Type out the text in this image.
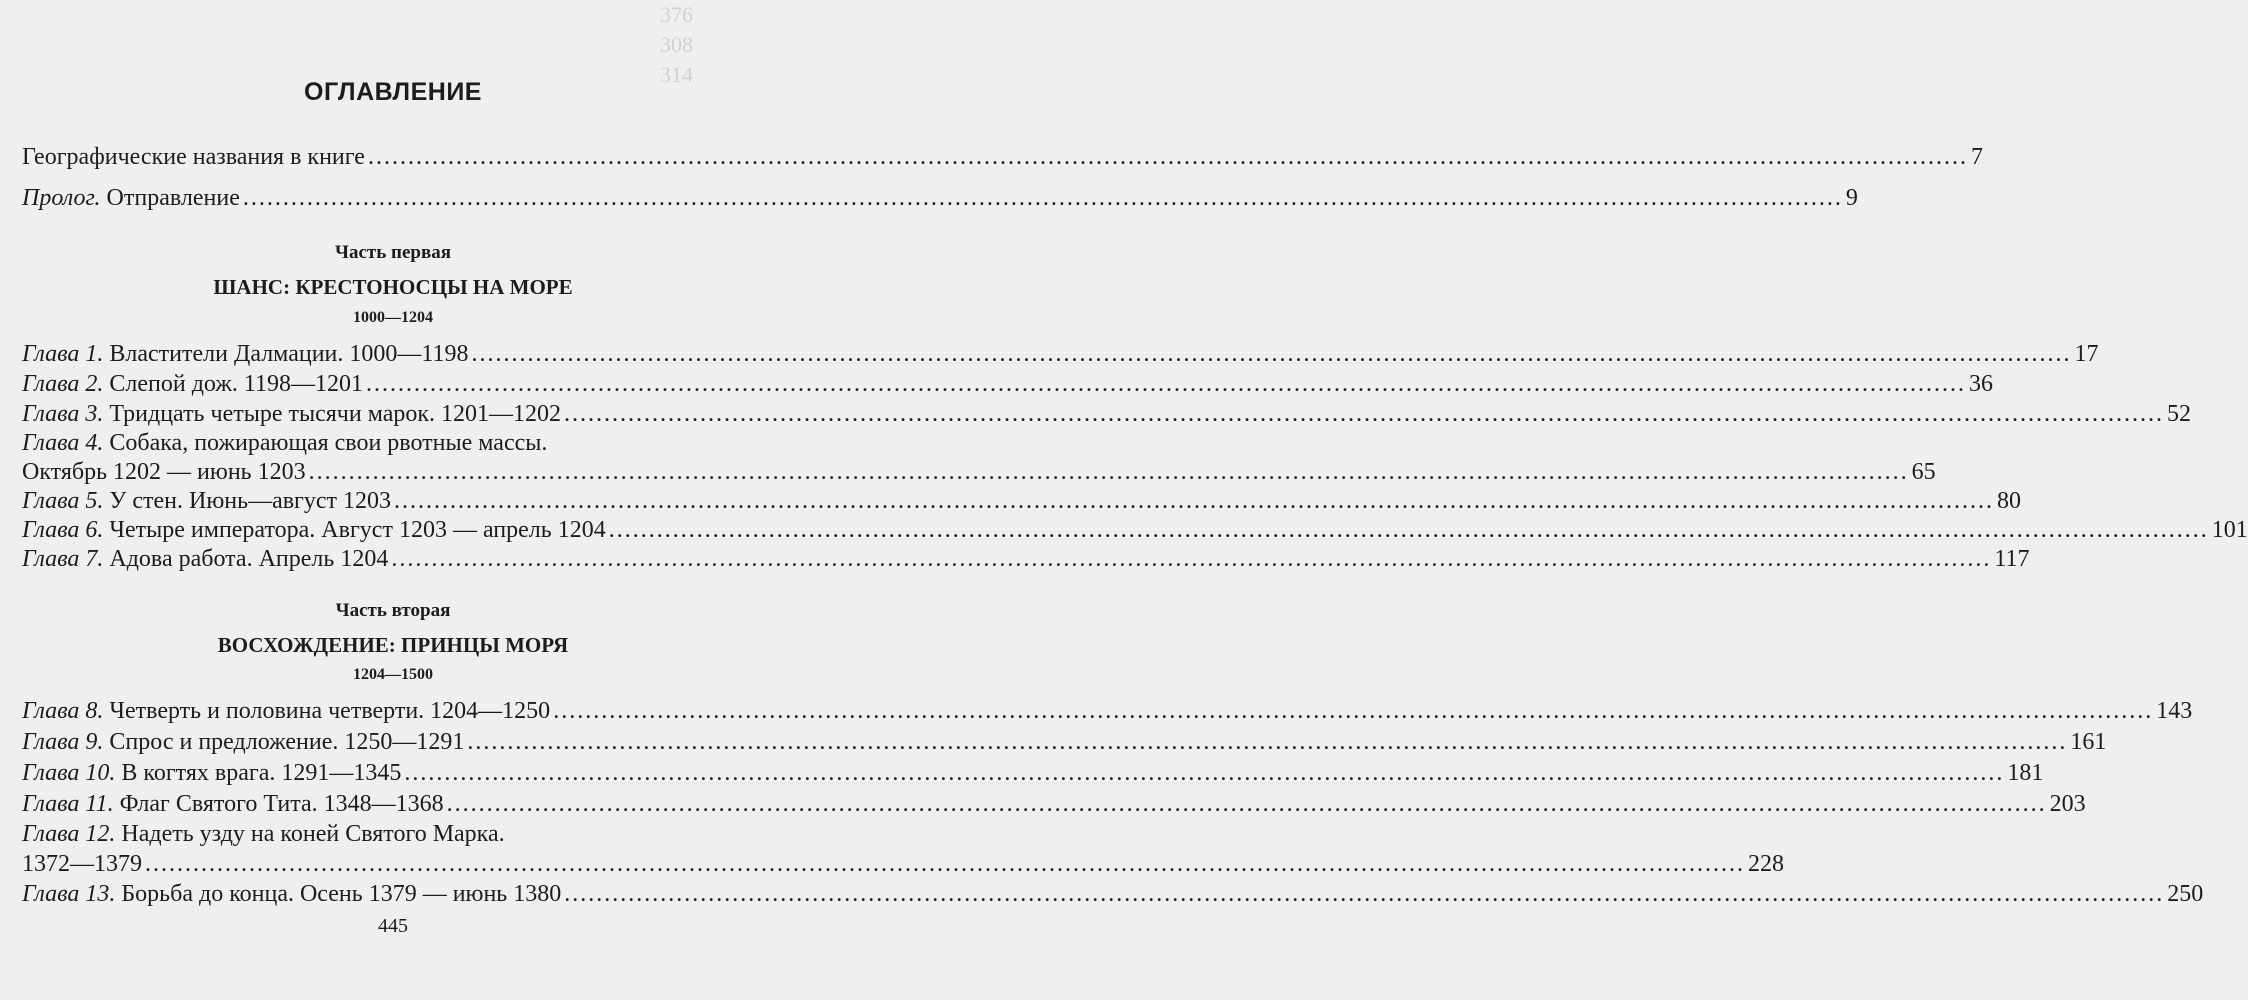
376
308
314
ОГЛАВЛЕНИЕ
Географические названия в книге ........................................................................................................................................................................................................ 7
Пролог. Отправление ........................................................................................................................................................................................................ 9
Часть первая
ШАНС: КРЕСТОНОСЦЫ НА МОРЕ
1000—1204
Глава 1. Властители Далмации. 1000—1198 ........................................................................................................................................................................................................ 17
Глава 2. Слепой дож. 1198—1201 ........................................................................................................................................................................................................ 36
Глава 3. Тридцать четыре тысячи марок. 1201—1202 ........................................................................................................................................................................................................ 52
Глава 4. Собака, пожирающая свои рвотные массы.
Октябрь 1202 — июнь 1203 ........................................................................................................................................................................................................ 65
Глава 5. У стен. Июнь—август 1203 ........................................................................................................................................................................................................ 80
Глава 6. Четыре императора. Август 1203 — апрель 1204 ........................................................................................................................................................................................................ 101
Глава 7. Адова работа. Апрель 1204 ........................................................................................................................................................................................................ 117
Часть вторая
ВОСХОЖДЕНИЕ: ПРИНЦЫ МОРЯ
1204—1500
Глава 8. Четверть и половина четверти. 1204—1250 ........................................................................................................................................................................................................ 143
Глава 9. Спрос и предложение. 1250—1291 ........................................................................................................................................................................................................ 161
Глава 10. В когтях врага. 1291—1345 ........................................................................................................................................................................................................ 181
Глава 11. Флаг Святого Тита. 1348—1368 ........................................................................................................................................................................................................ 203
Глава 12. Надеть узду на коней Святого Марка.
1372—1379 ........................................................................................................................................................................................................ 228
Глава 13. Борьба до конца. Осень 1379 — июнь 1380 ........................................................................................................................................................................................................ 250
445
